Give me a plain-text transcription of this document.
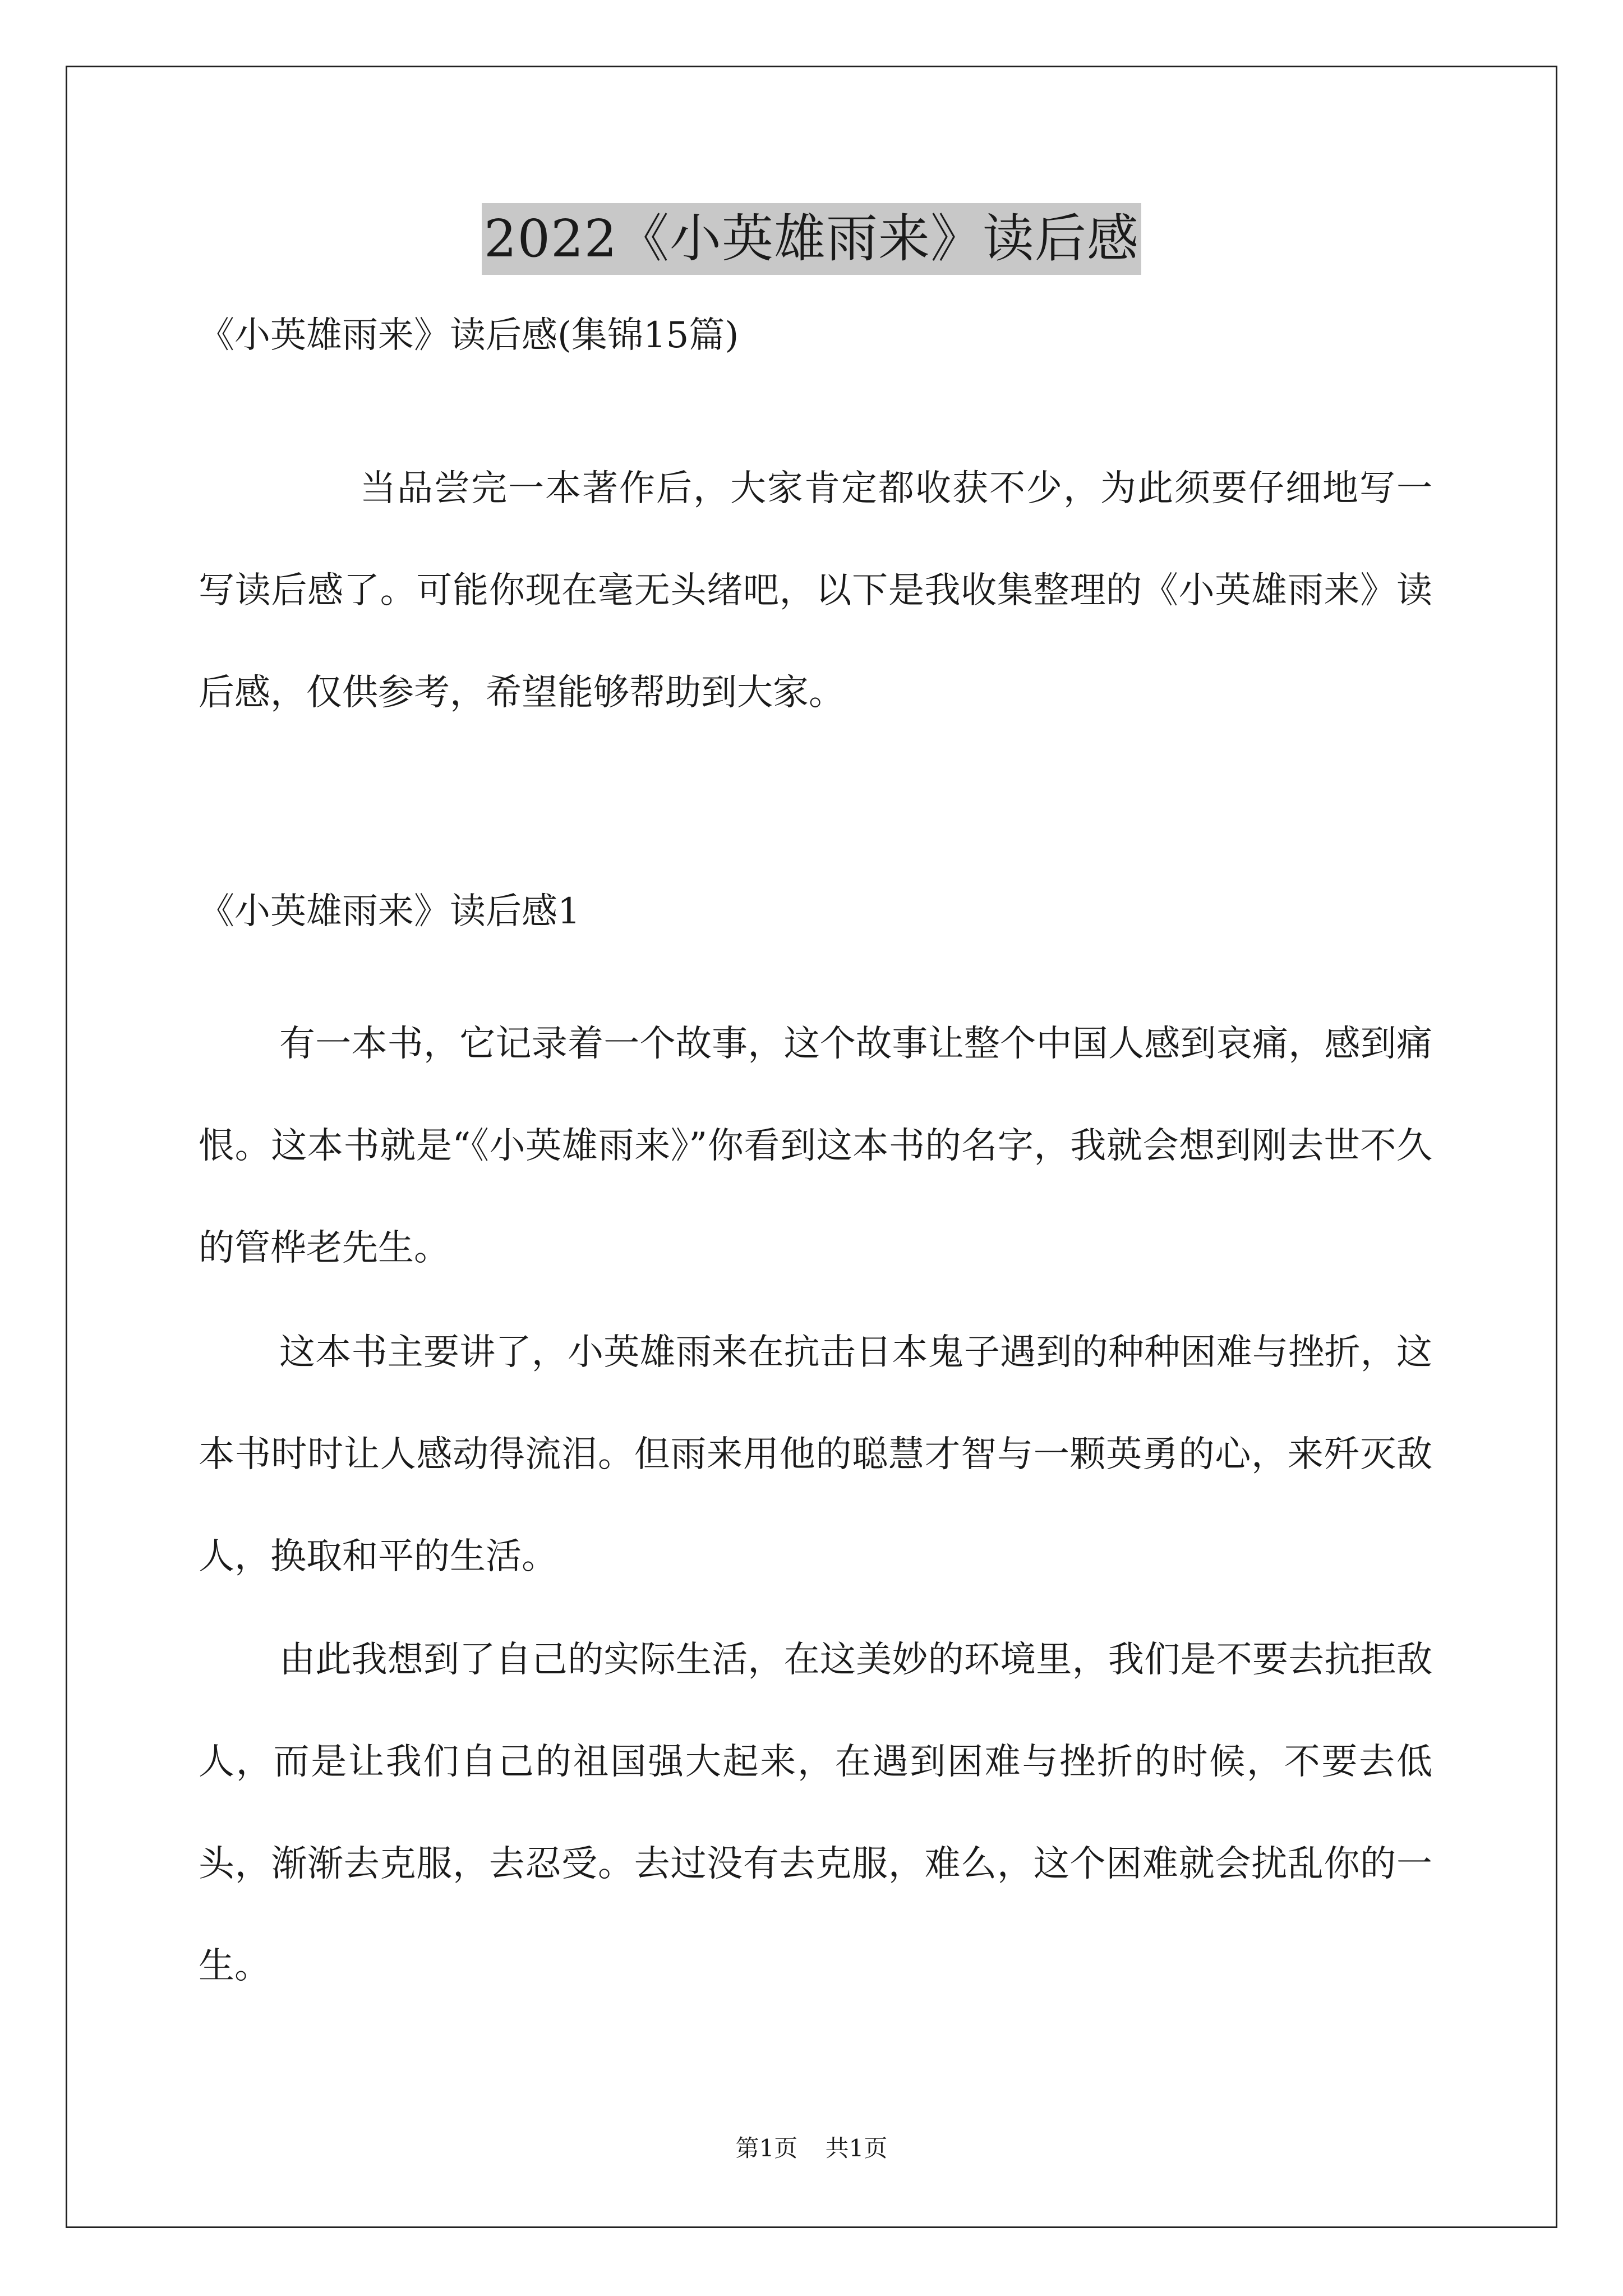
2022《小英雄雨来》读后感
《小英雄雨来》读后感(集锦15篇)
当品尝完一本著作后，大家肯定都收获不少，为此须要仔细地写一写读后感了。可能你现在毫无头绪吧，以下是我收集整理的《小英雄雨来》读后感，仅供参考，希望能够帮助到大家。
《小英雄雨来》读后感1
有一本书，它记录着一个故事，这个故事让整个中国人感到哀痛，感到痛恨。这本书就是“《小英雄雨来》”你看到这本书的名字，我就会想到刚去世不久的管桦老先生。
这本书主要讲了，小英雄雨来在抗击日本鬼子遇到的种种困难与挫折，这本书时时让人感动得流泪。但雨来用他的聪慧才智与一颗英勇的心，来歼灭敌人，换取和平的生活。
由此我想到了自己的实际生活，在这美妙的环境里，我们是不要去抗拒敌人，而是让我们自己的祖国强大起来，在遇到困难与挫折的时候，不要去低头，渐渐去克服，去忍受。去过没有去克服，难么，这个困难就会扰乱你的一生。
第1页 共1页
